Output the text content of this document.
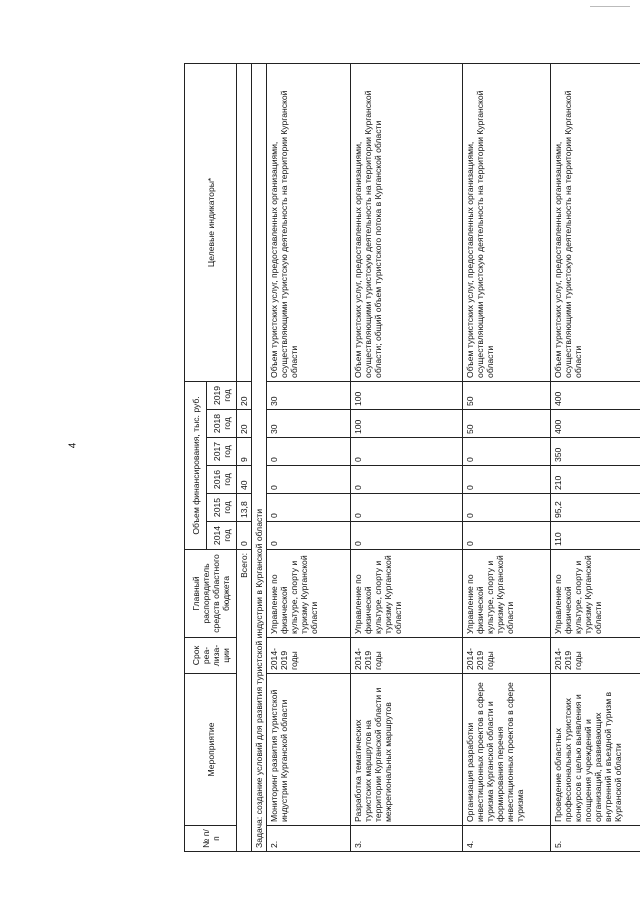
4
№ п/п	Мероприятие	Срок реа-лиза-ции	Главный распорядитель средств областного бюджета	Объем финансирования, тыс. руб.						Целевые индикаторы*
				2014 год	2015 год	2016 год	2017 год	2018 год	2019 год	
Всего:				0	13,8	40	9	20	20	
Задача: создание условий для развития туристской индустрии в Курганской области										
2.	Мониторинг развития туристской индустрии Курганской области	2014-2019 годы	Управление по физической культуре, спорту и туризму Курганской области	0	0	0	0	30	30	Объем туристских услуг, предоставленных организациями, осуществляющими туристскую деятельность на территории Курганской области
3.	Разработка тематических туристских маршрутов на территории Курганской области и межрегиональных маршрутов	2014-2019 годы	Управление по физической культуре, спорту и туризму Курганской области	0	0	0	0	100	100	Объем туристских услуг, предоставленных организациями, осуществляющими туристскую деятельность на территории Курганской области; общий объем туристского потока в Курганской области
4.	Организация разработки инвестиционных проектов в сфере туризма Курганской области и формирования перечня инвестиционных проектов в сфере туризма	2014-2019 годы	Управление по физической культуре, спорту и туризму Курганской области	0	0	0	0	50	50	Объем туристских услуг, предоставленных организациями, осуществляющими туристскую деятельность на территории Курганской области
5.	Проведение областных профессиональных туристских конкурсов с целью выявления и поощрения учреждений и организаций, развивающих внутренний и въездной туризм в Курганской области	2014-2019 годы	Управление по физической культуре, спорту и туризму Курганской области	110	95,2	210	350	400	400	Объем туристских услуг, предоставленных организациями, осуществляющими туристскую деятельность на территории Курганской области
